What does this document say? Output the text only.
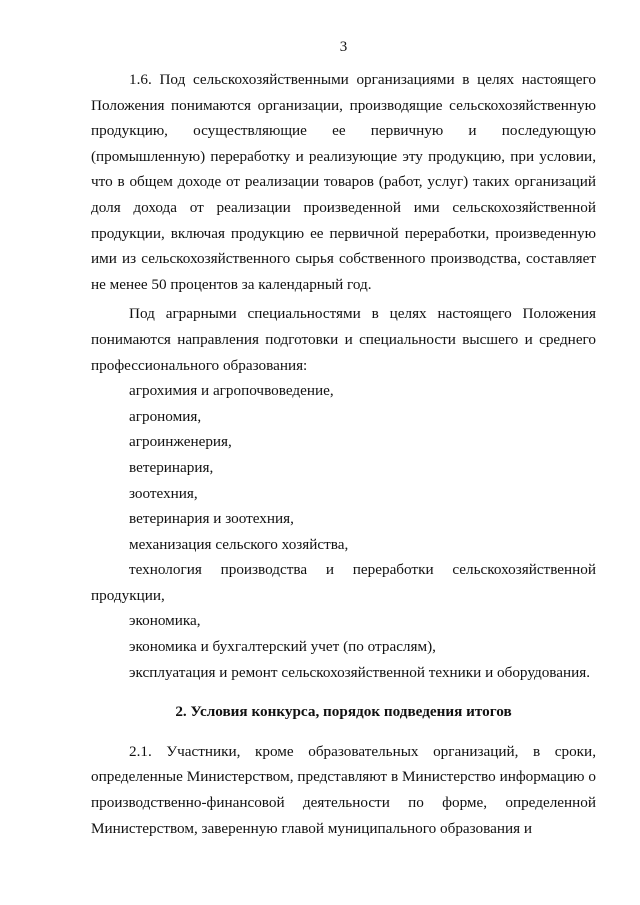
3

1.6. Под сельскохозяйственными организациями в целях настоящего Положения понимаются организации, производящие сельскохозяйственную продукцию, осуществляющие ее первичную и последующую (промышленную) переработку и реализующие эту продукцию, при условии, что в общем доходе от реализации товаров (работ, услуг) таких организаций доля дохода от реализации произведенной ими сельскохозяйственной продукции, включая продукцию ее первичной переработки, произведенную ими из сельскохозяйственного сырья собственного производства, составляет не менее 50 процентов за календарный год.

Под аграрными специальностями в целях настоящего Положения понимаются направления подготовки и специальности высшего и среднего профессионального образования:

агрохимия и агропочвоведение,

агрономия,

агроинженерия,

ветеринария,

зоотехния,

ветеринария и зоотехния,

механизация сельского хозяйства,

технология производства и переработки сельскохозяйственной продукции,

экономика,

экономика и бухгалтерский учет (по отраслям),

эксплуатация и ремонт сельскохозяйственной техники и оборудования.

2. Условия конкурса, порядок подведения итогов

2.1. Участники, кроме образовательных организаций, в сроки, определенные Министерством, представляют в Министерство информацию о производственно-финансовой деятельности по форме, определенной Министерством, заверенную главой муниципального образования и
